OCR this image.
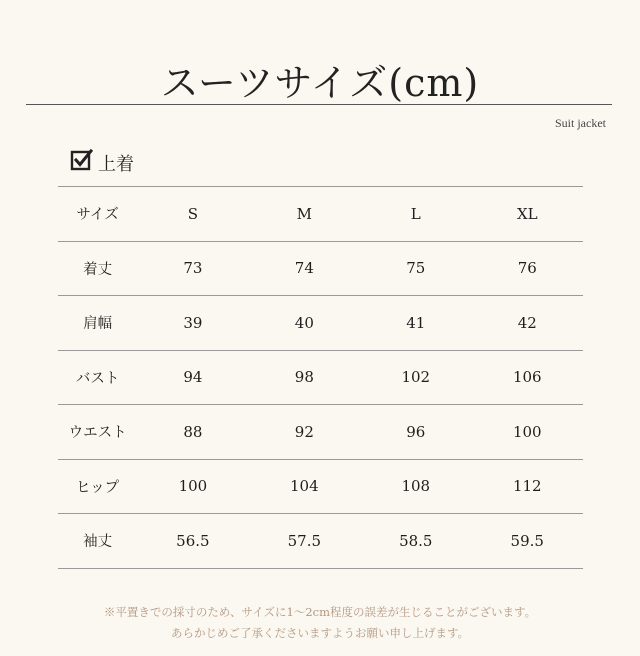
スーツサイズ(cm)
Suit jacket
上着
サイズ	S	M	L	XL
着丈	73	74	75	76
肩幅	39	40	41	42
バスト	94	98	102	106
ウエスト	88	92	96	100
ヒップ	100	104	108	112
袖丈	56.5	57.5	58.5	59.5
※平置きでの採寸のため、サイズに1〜2cm程度の誤差が生じることがございます。
あらかじめご了承くださいますようお願い申し上げます。
